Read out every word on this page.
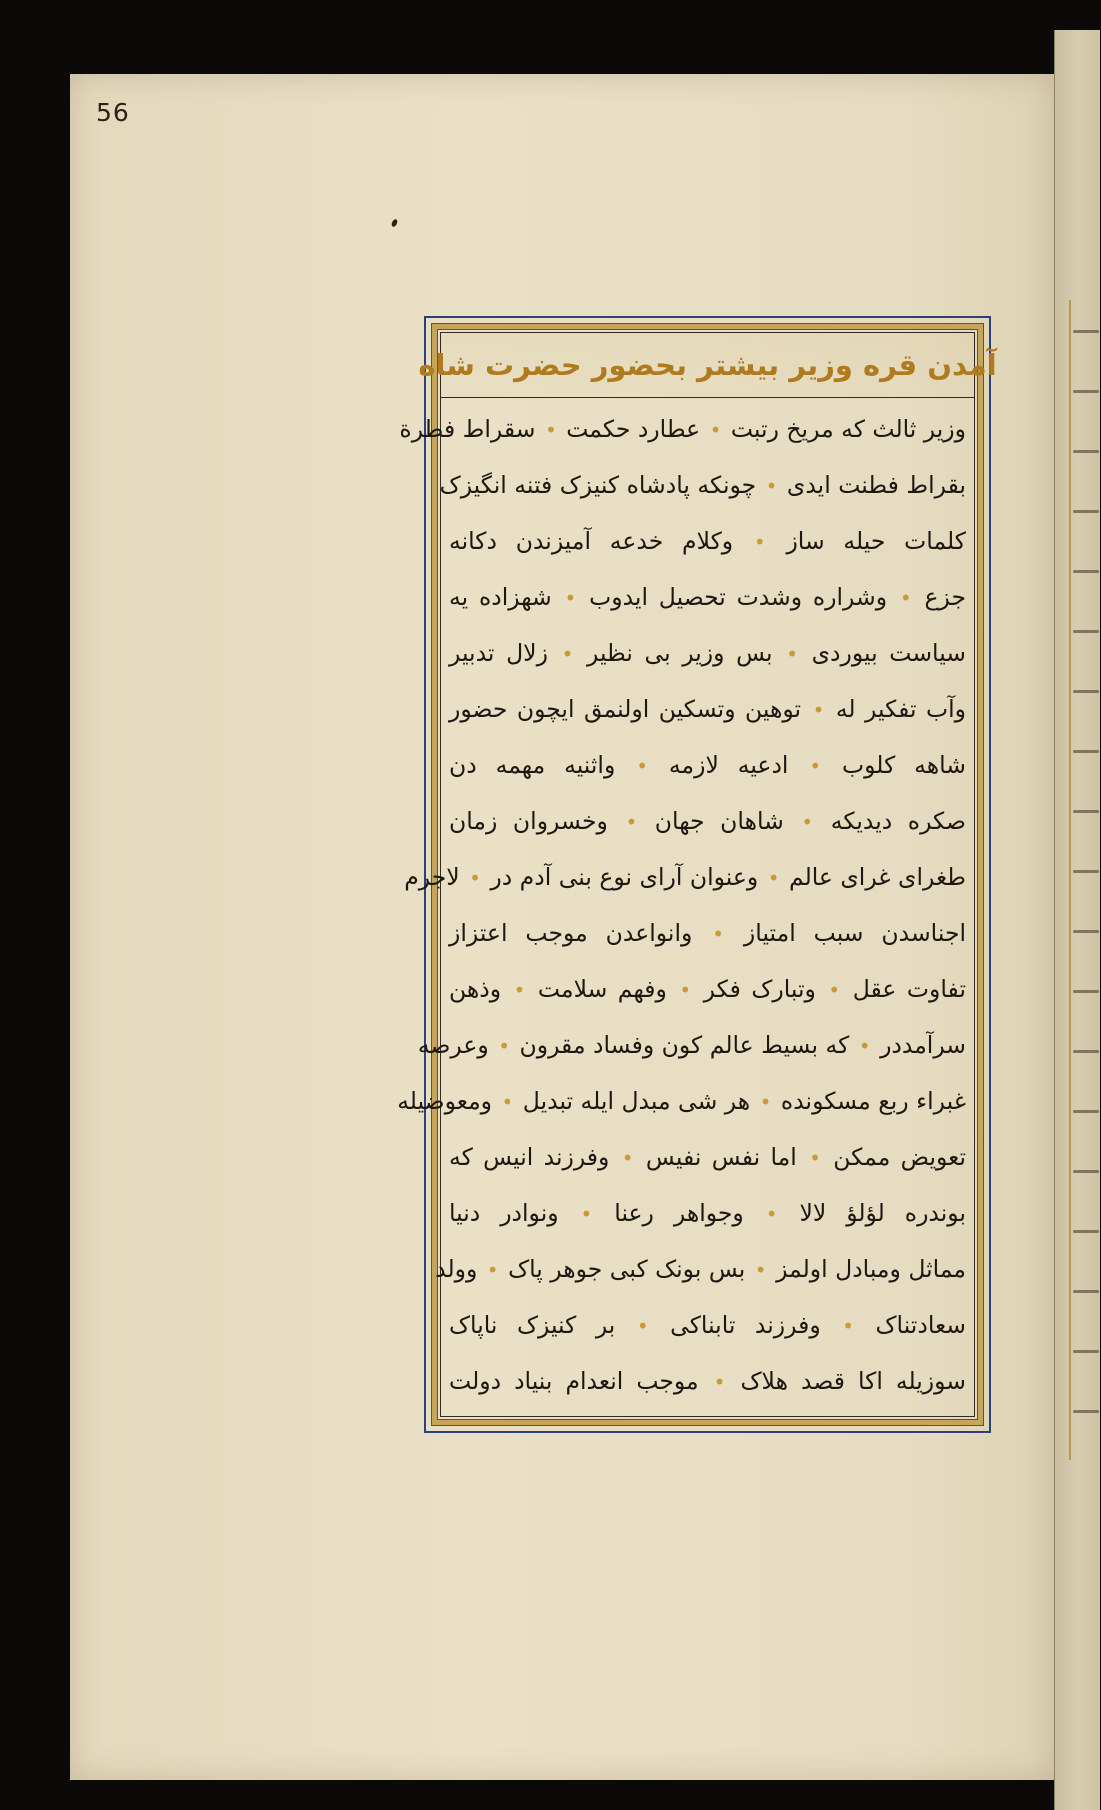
56
آمدن قره وزیر بیشتر بحضور حضرت شاه
وزیر ثالث که مریخ رتبت • عطارد حکمت • سقراط فطرة
بقراط فطنت ایدی • چونکه پادشاه کنیزک فتنه انگیزک
کلمات حیله ساز • وکلام خدعه آمیزندن دکانه
جزع • وشراره وشدت تحصیل ایدوب • شهزاده یه
سیاست بیوردی • بس وزیر بی نظیر • زلال تدبیر
وآب تفکیر له • توهین وتسکین اولنمق ایچون حضور
شاهه کلوب • ادعیه لازمه • واثنیه مهمه دن
صکره دیدیکه • شاهان جهان • وخسروان زمان
طغرای غرای عالم • وعنوان آرای نوع بنی آدم در • لاجرم
اجناسدن سبب امتیاز • وانواعدن موجب اعتزاز
تفاوت عقل • وتبارک فکر • وفهم سلامت • وذهن
سرآمددر • که بسیط عالم کون وفساد مقرون • وعرصه
غبراء ربع مسکونده • هر شی مبدل ایله تبدیل • ومعوضیله
تعویض ممکن • اما نفس نفیس • وفرزند انیس که
بوندره لؤلؤ لالا • وجواهر رعنا • ونوادر دنیا
مماثل ومبادل اولمز • بس بونک کبی جوهر پاک • وولد
سعادتناک • وفرزند تابناکی • بر کنیزک ناپاک
سوزیله اکا قصد هلاک • موجب انعدام بنیاد دولت
